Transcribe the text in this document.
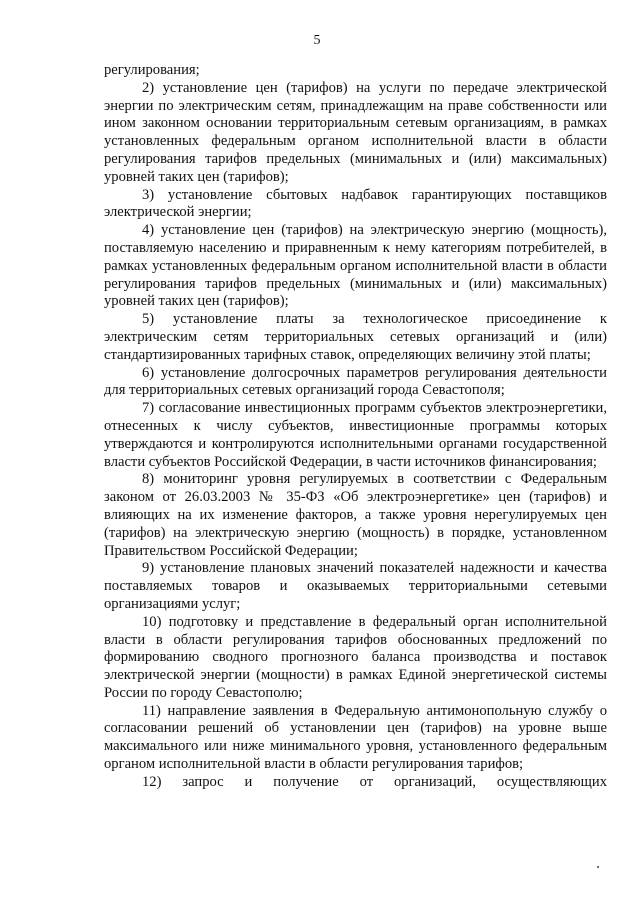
5

регулирования;

2) установление цен (тарифов) на услуги по передаче электрической энергии по электрическим сетям, принадлежащим на праве собственности или ином законном основании территориальным сетевым организациям, в рамках установленных федеральным органом исполнительной власти в области регулирования тарифов предельных (минимальных и (или) максимальных) уровней таких цен (тарифов);

3) установление сбытовых надбавок гарантирующих поставщиков электрической энергии;

4) установление цен (тарифов) на электрическую энергию (мощность), поставляемую населению и приравненным к нему категориям потребителей, в рамках установленных федеральным органом исполнительной власти в области регулирования тарифов предельных (минимальных и (или) максимальных) уровней таких цен (тарифов);

5) установление платы за технологическое присоединение к электрическим сетям территориальных сетевых организаций и (или) стандартизированных тарифных ставок, определяющих величину этой платы;

6) установление долгосрочных параметров регулирования деятельности для территориальных сетевых организаций города Севастополя;

7) согласование инвестиционных программ субъектов электроэнергетики, отнесенных к числу субъектов, инвестиционные программы которых утверждаются и контролируются исполнительными органами государственной власти субъектов Российской Федерации, в части источников финансирования;

8) мониторинг уровня регулируемых в соответствии с Федеральным законом от 26.03.2003 № 35-ФЗ «Об электроэнергетике» цен (тарифов) и влияющих на их изменение факторов, а также уровня нерегулируемых цен (тарифов) на электрическую энергию (мощность) в порядке, установленном Правительством Российской Федерации;

9) установление плановых значений показателей надежности и качества поставляемых товаров и оказываемых территориальными сетевыми организациями услуг;

10) подготовку и представление в федеральный орган исполнительной власти в области регулирования тарифов обоснованных предложений по формированию сводного прогнозного баланса производства и поставок электрической энергии (мощности) в рамках Единой энергетической системы России по городу Севастополю;

11) направление заявления в Федеральную антимонопольную службу о согласовании решений об установлении цен (тарифов) на уровне выше максимального или ниже минимального уровня, установленного федеральным органом исполнительной власти в области регулирования тарифов;

12) запрос и получение от организаций, осуществляющих
